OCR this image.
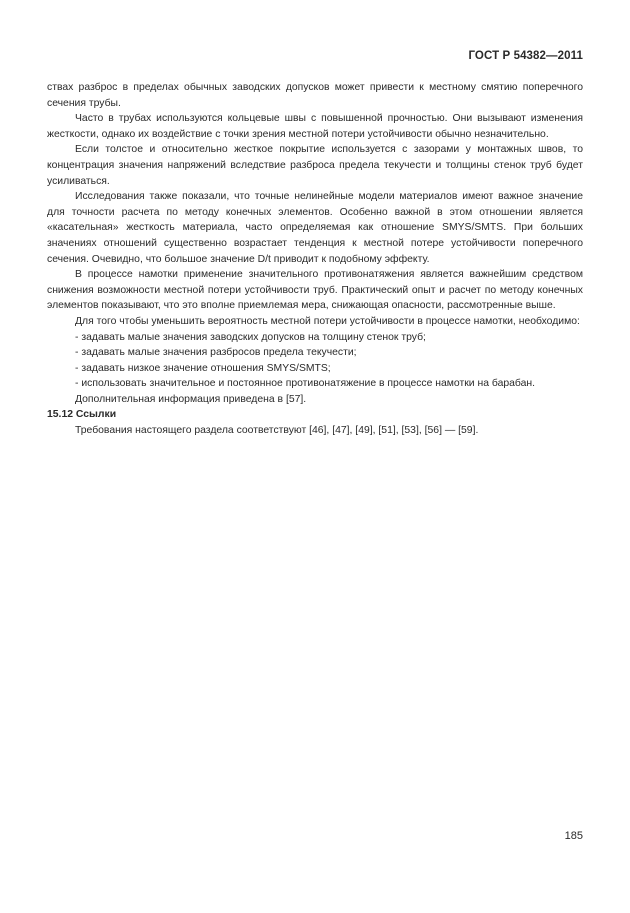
ГОСТ Р 54382—2011

ствах разброс в пределах обычных заводских допусков может привести к местному смятию поперечного сечения трубы.

Часто в трубах используются кольцевые швы с повышенной прочностью. Они вызывают изменения жесткости, однако их воздействие с точки зрения местной потери устойчивости обычно незначительно.

Если толстое и относительно жесткое покрытие используется с зазорами у монтажных швов, то концентрация значения напряжений вследствие разброса предела текучести и толщины стенок труб будет усиливаться.

Исследования также показали, что точные нелинейные модели материалов имеют важное значение для точности расчета по методу конечных элементов. Особенно важной в этом отношении является «касательная» жесткость материала, часто определяемая как отношение SMYS/SMTS. При больших значениях отношений существенно возрастает тенденция к местной потере устойчивости поперечного сечения. Очевидно, что большое значение D/t приводит к подобному эффекту.

В процессе намотки применение значительного противонатяжения является важнейшим средством снижения возможности местной потери устойчивости труб. Практический опыт и расчет по методу конечных элементов показывают, что это вполне приемлемая мера, снижающая опасности, рассмотренные выше.

Для того чтобы уменьшить вероятность местной потери устойчивости в процессе намотки, необходимо:

- задавать малые значения заводских допусков на толщину стенок труб;

- задавать малые значения разбросов предела текучести;

- задавать низкое значение отношения SMYS/SMTS;

- использовать значительное и постоянное противонатяжение в процессе намотки на барабан.

Дополнительная информация приведена в [57].

15.12 Ссылки

Требования настоящего раздела соответствуют [46], [47], [49], [51], [53], [56] — [59].

185
